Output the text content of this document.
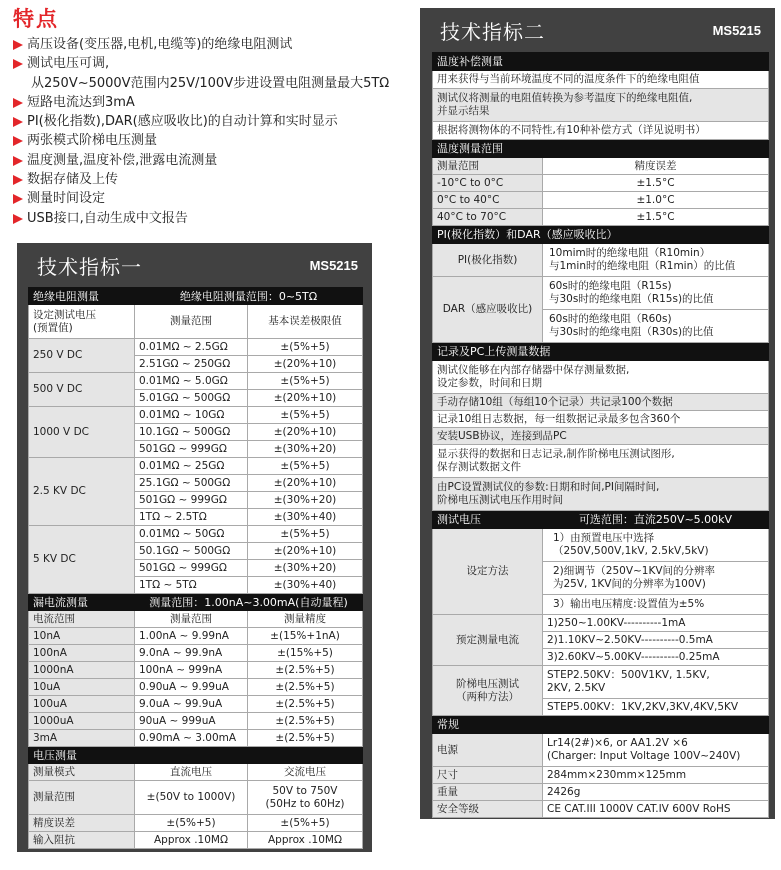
特点
高压设备(变压器,电机,电缆等)的绝缘电阻测试
测试电压可调,
从250V~5000V范围内25V/100V步进设置电阻测量最大5TΩ
短路电流达到3mA
PI(极化指数),DAR(感应吸收比)的自动计算和实时显示
两张模式阶梯电压测量
温度测量,温度补偿,泄露电流测量
数据存储及上传
测量时间设定
USB接口,自动生成中文报告
技术指标一	MS5215
绝缘电阻测量	绝缘电阻测量范围：0~5TΩ	
设定测试电压
(预置值)	测量范围	基本误差极限值
250 V DC	0.01MΩ ~ 2.5GΩ	±(5%+5)
	2.51GΩ ~ 250GΩ	±(20%+10)
500 V DC	0.01MΩ ~ 5.0GΩ	±(5%+5)
	5.01GΩ ~ 500GΩ	±(20%+10)
1000 V DC	0.01MΩ ~ 10GΩ	±(5%+5)
	10.1GΩ ~ 500GΩ	±(20%+10)
	501GΩ ~ 999GΩ	±(30%+20)
2.5 KV DC	0.01MΩ ~ 25GΩ	±(5%+5)
	25.1GΩ ~ 500GΩ	±(20%+10)
	501GΩ ~ 999GΩ	±(30%+20)
	1TΩ ~ 2.5TΩ	±(30%+40)
5 KV DC	0.01MΩ ~ 50GΩ	±(5%+5)
	50.1GΩ ~ 500GΩ	±(20%+10)
	501GΩ ~ 999GΩ	±(30%+20)
	1TΩ ~ 5TΩ	±(30%+40)
漏电流测量	测量范围：1.00nA~3.00mA(自动量程)	
电流范围	测量范围	测量精度
10nA	1.00nA ~ 9.99nA	±(15%+1nA)
100nA	9.0nA ~ 99.9nA	±(15%+5)
1000nA	100nA ~ 999nA	±(2.5%+5)
10uA	0.90uA ~ 9.99uA	±(2.5%+5)
100uA	9.0uA ~ 99.9uA	±(2.5%+5)
1000uA	90uA ~ 999uA	±(2.5%+5)
3mA	0.90mA ~ 3.00mA	±(2.5%+5)
电压测量		
测量模式	直流电压	交流电压
测量范围	±(50V to 1000V)	50V to 750V
(50Hz to 60Hz)
精度误差	±(5%+5)	±(5%+5)
输入阻抗	Approx .10MΩ	Approx .10MΩ
技术指标二	MS5215
温度补偿测量	
用来获得与当前环境温度不同的温度条件下的绝缘电阻值	
测试仪将测量的电阻值转换为参考温度下的绝缘电阻值,
并显示结果	
根据将测物体的不同特性,有10种补偿方式（详见说明书）	
温度测量范围	
测量范围	精度误差
-10°C to 0°C	±1.5°C
0°C to 40°C	±1.0°C
40°C to 70°C	±1.5°C
PI(极化指数）和DAR（感应吸收比）	
PI(极化指数)	10mim时的绝缘电阻（R10min）
与1min时的绝缘电阻（R1min）的比值
DAR（感应吸收比)	60s时的绝缘电阻（R15s)
与30s时的绝缘电阻（R15s)的比值
	60s时的绝缘电阻（R60s)
与30s时的绝缘电阻（R30s)的比值
记录及PC上传测量数据	
测试仪能够在内部存储器中保存测量数据,
设定参数，时间和日期	
手动存储10组（每组10个记录）共记录100个数据	
记录10组日志数据，每一组数据记录最多包含360个	
安装USB协议，连接到品PC	
显示获得的数据和日志记录,制作阶梯电压测试图形,
保存测试数据文件	
由PC设置测试仪的参数:日期和时间,PI间隔时间,
阶梯电压测试电压作用时间	
测试电压	可选范围：直流250V~5.00kV
设定方法	1）由预置电压中选择
（250V,500V,1kV, 2.5kV,5kV)
	2)细调节（250V~1KV间的分辨率
为25V, 1KV间的分辨率为100V)
	3）输出电压精度:设置值为±5%
预定测量电流	1)250~1.00KV----------1mA
	2)1.10KV~2.50KV----------0.5mA
	3)2.60KV~5.00KV----------0.25mA
阶梯电压测试
（两种方法）	STEP2.50KV：500V1KV, 1.5KV,
2KV, 2.5KV
	STEP5.00KV：1KV,2KV,3KV,4KV,5KV
常规	
电源	Lr14(2#)×6, or AA1.2V ×6
(Charger: Input Voltage 100V~240V)
尺寸	284mm×230mm×125mm
重量	2426g
安全等级	CE CAT.III 1000V CAT.IV 600V RoHS
